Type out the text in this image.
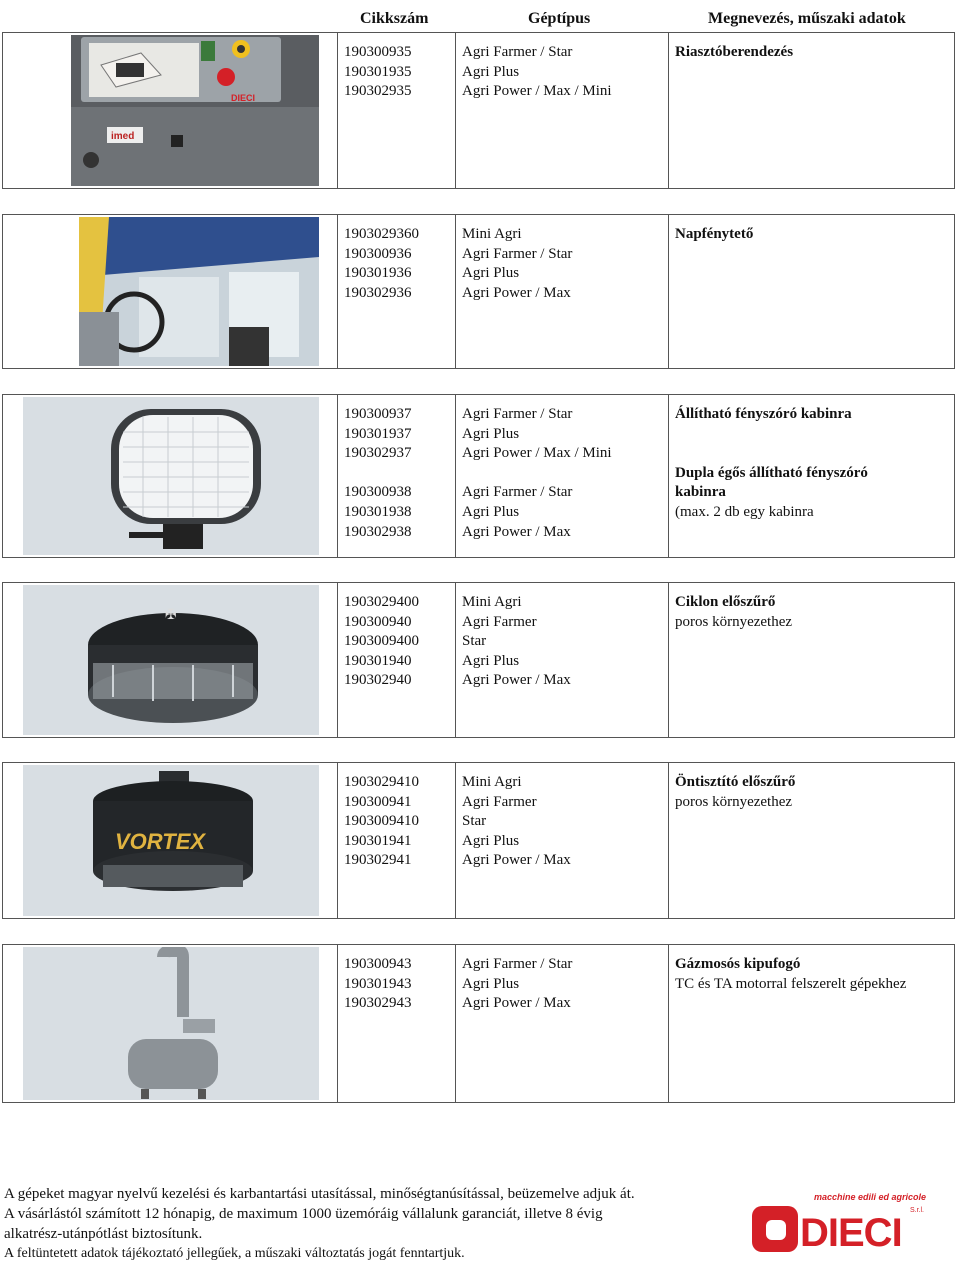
Cikkszám	Géptípus	Megnevezés, műszaki adatok
DIECI
imed
190300935
190301935
190302935
Agri Farmer / Star
Agri Plus
Agri Power / Max / Mini
Riasztóberendezés
1903029360
190300936
190301936
190302936
Mini Agri
Agri Farmer / Star
Agri Plus
Agri Power / Max
Napfénytető
190300937
190301937
190302937
190300938
190301938
190302938
Agri Farmer / Star
Agri Plus
Agri Power / Max / Mini
Agri Farmer / Star
Agri Plus
Agri Power / Max
Állítható fényszóró kabinra
Dupla égős állítható fényszóró
kabinra
(max. 2 db egy kabinra
✠
1903029400
190300940
1903009400
190301940
190302940
Mini Agri
Agri Farmer
Star
Agri Plus
Agri Power / Max
Ciklon előszűrő
poros környezethez
VORTEX
1903029410
190300941
1903009410
190301941
190302941
Mini Agri
Agri Farmer
Star
Agri Plus
Agri Power / Max
Öntisztító előszűrő
poros környezethez
190300943
190301943
190302943
Agri Farmer / Star
Agri Plus
Agri Power / Max
Gázmosós kipufogó
TC és TA motorral felszerelt gépekhez
A gépeket magyar nyelvű kezelési és karbantartási utasítással, minőségtanúsítással, beüzemelve adjuk át.
A vásárlástól számított 12 hónapig, de maximum 1000 üzemóráig vállalunk garanciát, illetve 8 évig
alkatrész-utánpótlást biztosítunk.
A feltüntetett adatok tájékoztató jellegűek, a műszaki változtatás jogát fenntartjuk.
macchine edili ed agricole
DIECI
S.r.l.
